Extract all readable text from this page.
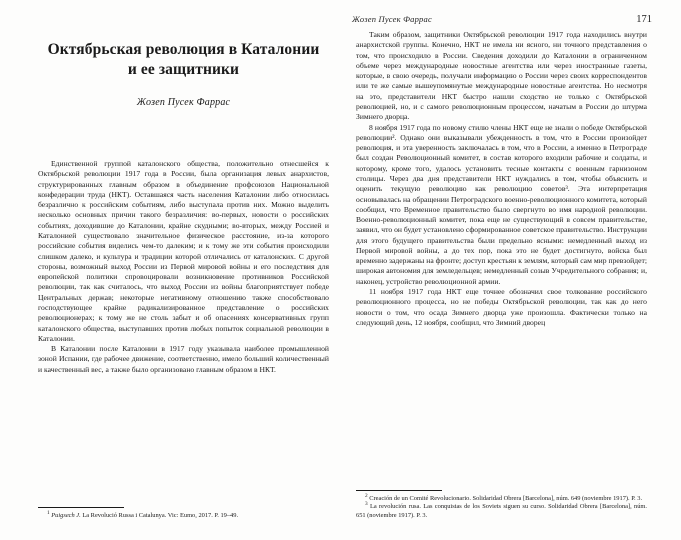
Жозеп Пусек Фаррас	171
Октябрьская революция в Каталонии
и ее защитники
Жозеп Пусек Фаррас

Единственной группой каталонского общества, положительно отнесшейся к Октябрьской революции 1917 года в России, была организация левых анархистов, структурированных главным образом в объединение профсоюзов Национальной конфедерации труда (НКТ). Оставшаяся часть населения Каталонии либо относилась безразлично к российским событиям, либо выступала против них. Можно выделить несколько основных причин такого безразличия: во-первых, новости о российских событиях, доходившие до Каталонии, крайне скудными; во-вторых, между Россией и Каталонией существовало значительное физическое расстояние, из-за которого российские события виделись чем-то далеким; и к тому же эти события происходили слишком далеко, и культура и традиции которой отличались от каталонских. С другой стороны, возможный выход России из Первой мировой войны и его последствия для европейской политики спровоцировали возникновение противников Российской революции, так как считалось, что выход России из войны благоприятствует победе Центральных держав; некоторые негативному отношению также способствовало господствующее крайне радикализированное представление о российских революционерах; к тому же не столь забыт и об опасениях консервативных групп каталонского общества, выступавших против любых попыток социальной революции в Каталонии.

В Каталонии после Каталонии в 1917 году указывала наиболее промышленной зоной Испании, где рабочее движение, соответственно, имело больший количественный и качественный вес, а также было организовано главным образом в НКТ.

$^1$ Puigsech J. La Revolució Russa i Catalunya. Vic: Eumo, 2017. P. 19–49.

Таким образом, защитники Октябрьской революции 1917 года находились внутри анархистской группы. Конечно, НКТ не имела ни ясного, ни точного представления о том, что происходило в России. Сведения доходили до Каталонии в ограниченном объеме через международные новостные агентства или через иностранные газеты, которые, в свою очередь, получали информацию о России через своих корреспондентов или те же самые вышеупомянутые международные новостные агентства. Но несмотря на это, представители НКТ быстро нашли сходство не только с Октябрьской революцией, но, и с самого революционным процессом, начатым в России до штурма Зимнего дворца.

8 ноября 1917 года по новому стилю члены НКТ еще не знали о победе Октябрьской революции². Однако они выказывали убежденность в том, что в России произойдет революция, и эта уверенность заключалась в том, что в России, а именно в Петрограде был создан Революционный комитет, в состав которого входили рабочие и солдаты, и которому, кроме того, удалось установить тесные контакты с военным гарнизоном столицы. Через два дня представители НКТ нуждались в том, чтобы объяснить и оценить текущую революцию как революцию советов³. Эта интерпретация основывалась на обращении Петроградского военно-революционного комитета, который сообщил, что Временное правительство было свергнуто во имя народной революции. Военно-революционный комитет, пока еще не существующий в совсем правительстве, заявил, что он будет установлено сформированное советское правительство. Инструкции для этого будущего правительства были предельно ясными: немедленный выход из Первой мировой войны, а до тех пор, пока это не будет достигнуто, войска был временно задержаны на фронте; доступ крестьян к землям, который сам мир превзойдет; широкая автономия для земледельцев; немедленный созыв Учредительного собрания; и, наконец, устройство революционной армии.

11 ноября 1917 года НКТ еще точнее обозначил свое толкование российского революционного процесса, но не победы Октябрьской революции, так как до него новости о том, что осада Зимнего дворца уже произошла. Фактически только на следующий день, 12 ноября, сообщил, что Зимний дворец

$^2$ Creación de un Comité Revolucionario. Solidaridad Obrera [Barcelona], núm. 649 (noviembre 1917). P. 3.

$^3$ La revolución rusa. Las conquistas de los Soviets siguen su curso. Solidaridad Obrera [Barcelona], núm. 651 (noviembre 1917). P. 3.
